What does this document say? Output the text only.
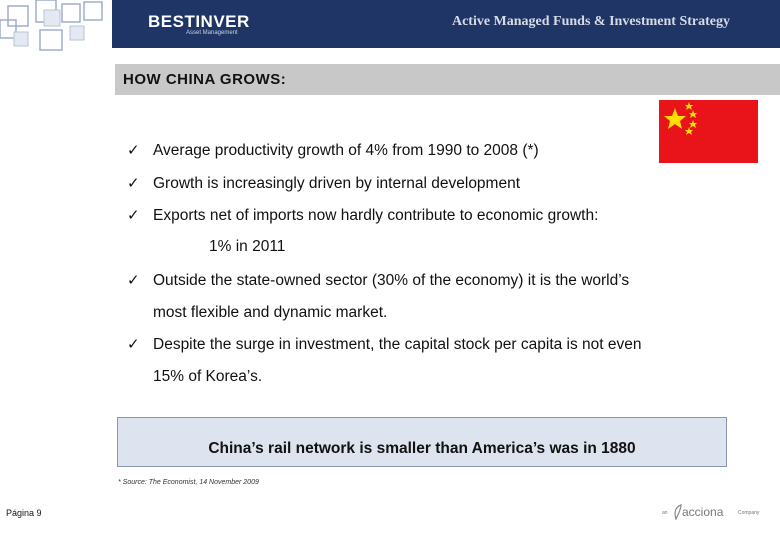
BESTINVER
Asset Management
Active Managed Funds & Investment Strategy
HOW CHINA GROWS:
✓ Average productivity growth of 4% from 1990 to 2008 (*)
✓ Growth is increasingly driven by internal development
✓ Exports net of imports now hardly contribute to economic growth:
1% in 2011
✓ Outside the state-owned sector (30% of the economy) it is the world’s
most flexible and dynamic market.
✓ Despite the surge in investment, the capital stock per capita is not even
15% of Korea’s.
China’s rail network is smaller than America’s was in 1880
* Source: The Economist, 14 November 2009
Página 9	an acciona	Company
